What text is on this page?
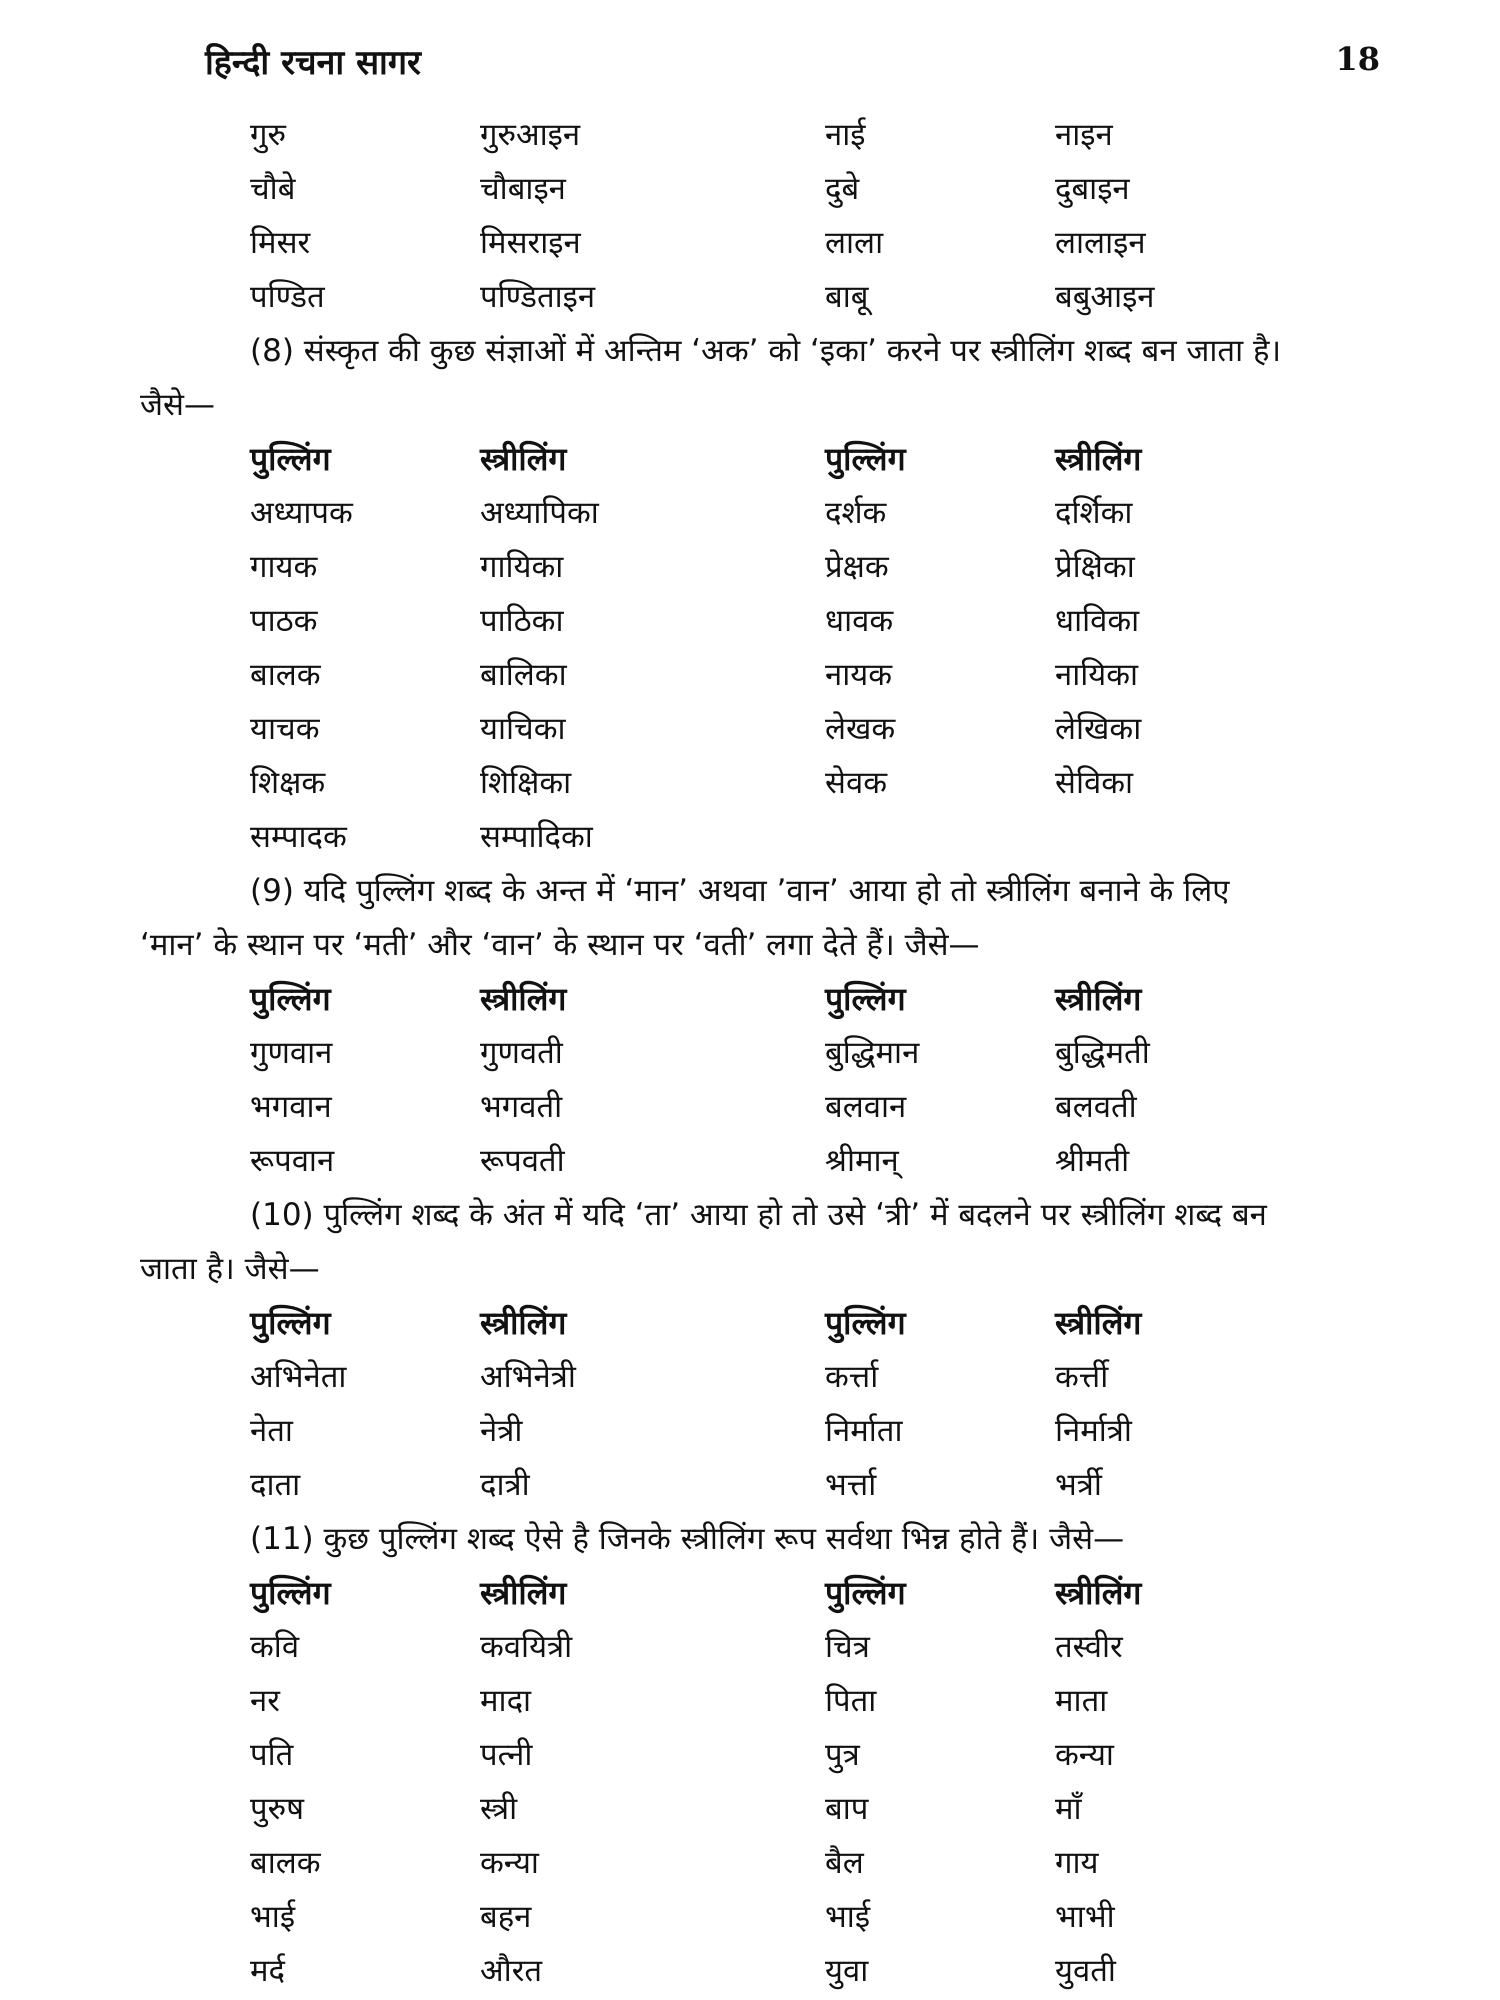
हिन्दी रचना सागर	18
गुरु	गुरुआइन	नाई	नाइन
चौबे	चौबाइन	दुबे	दुबाइन
मिसर	मिसराइन	लाला	लालाइन
पण्डित	पण्डिताइन	बाबू	बबुआइन
(8) संस्कृत की कुछ संज्ञाओं में अन्तिम ‘अक’ को ‘इका’ करने पर स्त्रीलिंग शब्द बन जाता है।
जैसे—
पुल्लिंग	स्त्रीलिंग	पुल्लिंग	स्त्रीलिंग
अध्यापक	अध्यापिका	दर्शक	दर्शिका
गायक	गायिका	प्रेक्षक	प्रेक्षिका
पाठक	पाठिका	धावक	धाविका
बालक	बालिका	नायक	नायिका
याचक	याचिका	लेखक	लेखिका
शिक्षक	शिक्षिका	सेवक	सेविका
सम्पादक	सम्पादिका
(9) यदि पुल्लिंग शब्द के अन्त में ‘मान’ अथवा ’वान’ आया हो तो स्त्रीलिंग बनाने के लिए
‘मान’ के स्थान पर ‘मती’ और ‘वान’ के स्थान पर ‘वती’ लगा देते हैं। जैसे—
पुल्लिंग	स्त्रीलिंग	पुल्लिंग	स्त्रीलिंग
गुणवान	गुणवती	बुद्धिमान	बुद्धिमती
भगवान	भगवती	बलवान	बलवती
रूपवान	रूपवती	श्रीमान्	श्रीमती
(10) पुल्लिंग शब्द के अंत में यदि ‘ता’ आया हो तो उसे ‘त्री’ में बदलने पर स्त्रीलिंग शब्द बन
जाता है। जैसे—
पुल्लिंग	स्त्रीलिंग	पुल्लिंग	स्त्रीलिंग
अभिनेता	अभिनेत्री	कर्त्ता	कर्त्ती
नेता	नेत्री	निर्माता	निर्मात्री
दाता	दात्री	भर्त्ता	भर्त्री
(11) कुछ पुल्लिंग शब्द ऐसे है जिनके स्त्रीलिंग रूप सर्वथा भिन्न होते हैं। जैसे—
पुल्लिंग	स्त्रीलिंग	पुल्लिंग	स्त्रीलिंग
कवि	कवयित्री	चित्र	तस्वीर
नर	मादा	पिता	माता
पति	पत्नी	पुत्र	कन्या
पुरुष	स्त्री	बाप	माँ
बालक	कन्या	बैल	गाय
भाई	बहन	भाई	भाभी
मर्द	औरत	युवा	युवती
